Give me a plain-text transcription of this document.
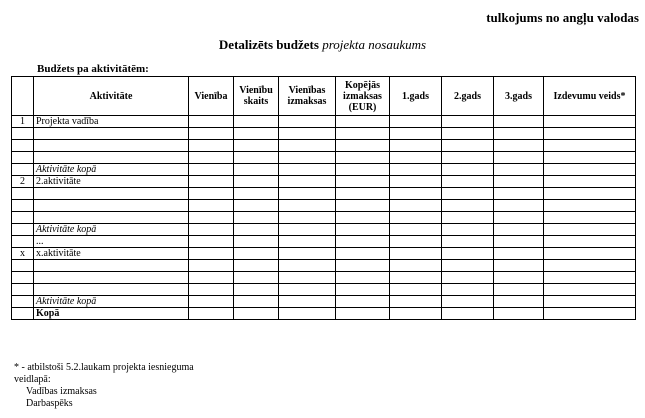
tulkojums no angļu valodas
Detalizēts budžets projekta nosaukums
Budžets pa aktivitātēm:
	Aktivitāte	Vienība	Vienību skaits	Vienības izmaksas	Kopējās izmaksas (EUR)	1.gads	2.gads	3.gads	Izdevumu veids*
1	Projekta vadība								

	Aktivitāte kopā								
2	2.aktivitāte								

	Aktivitāte kopā								
	...								
x	x.aktivitāte								

	Aktivitāte kopā								
	Kopā								
* - atbilstoši 5.2.laukam projekta iesnieguma
veidlapā:
Vadības izmaksas
Darbaspēks
